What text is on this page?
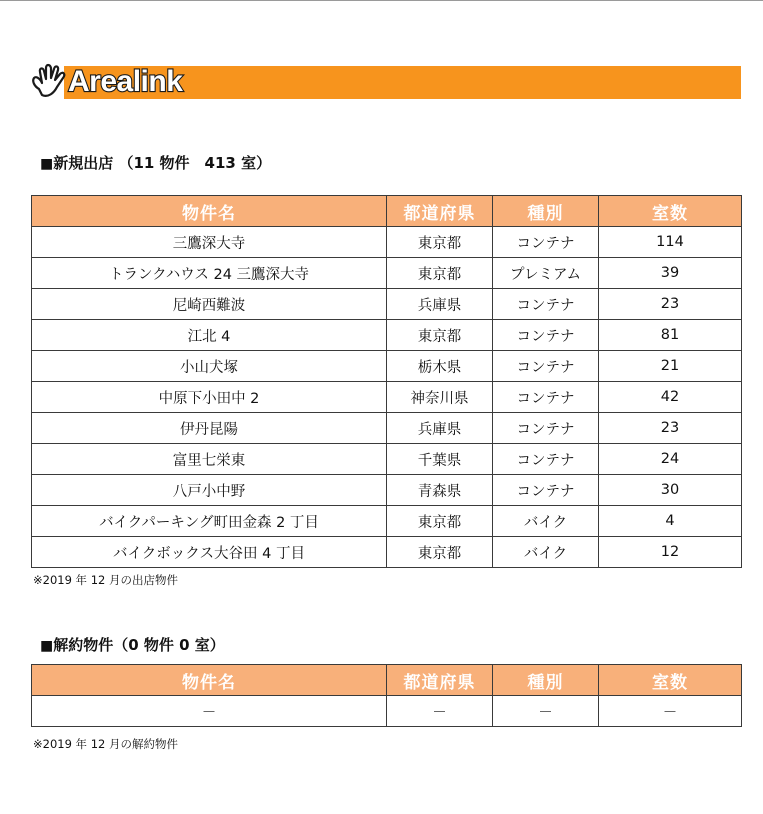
Arealink
■新規出店 （11 物件　413 室）
物件名	都道府県	種別	室数
三鷹深大寺	東京都	コンテナ	114
トランクハウス 24 三鷹深大寺	東京都	プレミアム	39
尼崎西難波	兵庫県	コンテナ	23
江北 4	東京都	コンテナ	81
小山犬塚	栃木県	コンテナ	21
中原下小田中 2	神奈川県	コンテナ	42
伊丹昆陽	兵庫県	コンテナ	23
富里七栄東	千葉県	コンテナ	24
八戸小中野	青森県	コンテナ	30
バイクパーキング町田金森 2 丁目	東京都	バイク	4
バイクボックス大谷田 4 丁目	東京都	バイク	12
※2019 年 12 月の出店物件
■解約物件（0 物件 0 室）
物件名	都道府県	種別	室数
－	－	－	－
※2019 年 12 月の解約物件
